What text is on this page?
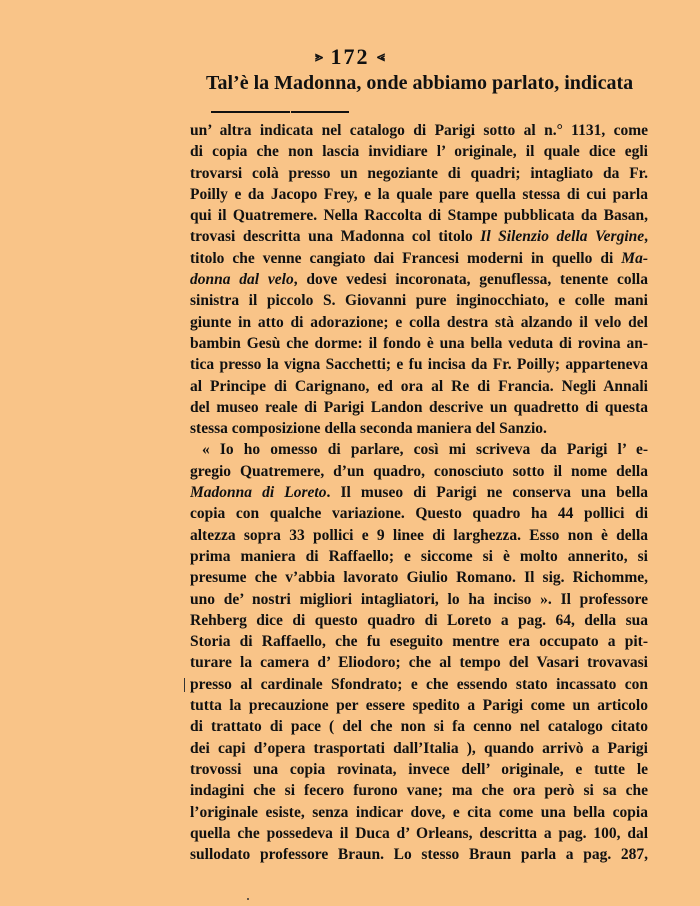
⪢ 172 ⪡
Tal’è la Madonna, onde abbiamo parlato, indicata
un’ altra indicata nel catalogo di Parigi sotto al n.° 1131, come
di copia che non lascia invidiare l’ originale, il quale dice egli
trovarsi colà presso un negoziante di quadri; intagliato da Fr.
Poilly e da Jacopo Frey, e la quale pare quella stessa di cui parla
qui il Quatremere. Nella Raccolta di Stampe pubblicata da Basan,
trovasi descritta una Madonna col titolo Il Silenzio della Vergine,
titolo che venne cangiato dai Francesi moderni in quello di Ma-
donna dal velo, dove vedesi incoronata, genuflessa, tenente colla
sinistra il piccolo S. Giovanni pure inginocchiato, e colle mani
giunte in atto di adorazione; e colla destra stà alzando il velo del
bambin Gesù che dorme: il fondo è una bella veduta di rovina an-
tica presso la vigna Sacchetti; e fu incisa da Fr. Poilly; apparteneva
al Principe di Carignano, ed ora al Re di Francia. Negli Annali
del museo reale di Parigi Landon descrive un quadretto di questa
stessa composizione della seconda maniera del Sanzio.
« Io ho omesso di parlare, così mi scriveva da Parigi l’ e-
gregio Quatremere, d’un quadro, conosciuto sotto il nome della
Madonna di Loreto. Il museo di Parigi ne conserva una bella
copia con qualche variazione. Questo quadro ha 44 pollici di
altezza sopra 33 pollici e 9 linee di larghezza. Esso non è della
prima maniera di Raffaello; e siccome si è molto annerito, si
presume che v’abbia lavorato Giulio Romano. Il sig. Richomme,
uno de’ nostri migliori intagliatori, lo ha inciso ». Il professore
Rehberg dice di questo quadro di Loreto a pag. 64, della sua
Storia di Raffaello, che fu eseguito mentre era occupato a pit-
turare la camera d’ Eliodoro; che al tempo del Vasari trovavasi
presso al cardinale Sfondrato; e che essendo stato incassato con
tutta la precauzione per essere spedito a Parigi come un articolo
di trattato di pace ( del che non si fa cenno nel catalogo citato
dei capi d’opera trasportati dall’Italia ), quando arrivò a Parigi
trovossi una copia rovinata, invece dell’ originale, e tutte le
indagini che si fecero furono vane; ma che ora però si sa che
l’originale esiste, senza indicar dove, e cita come una bella copia
quella che possedeva il Duca d’ Orleans, descritta a pag. 100, dal
sullodato professore Braun. Lo stesso Braun parla a pag. 287,
